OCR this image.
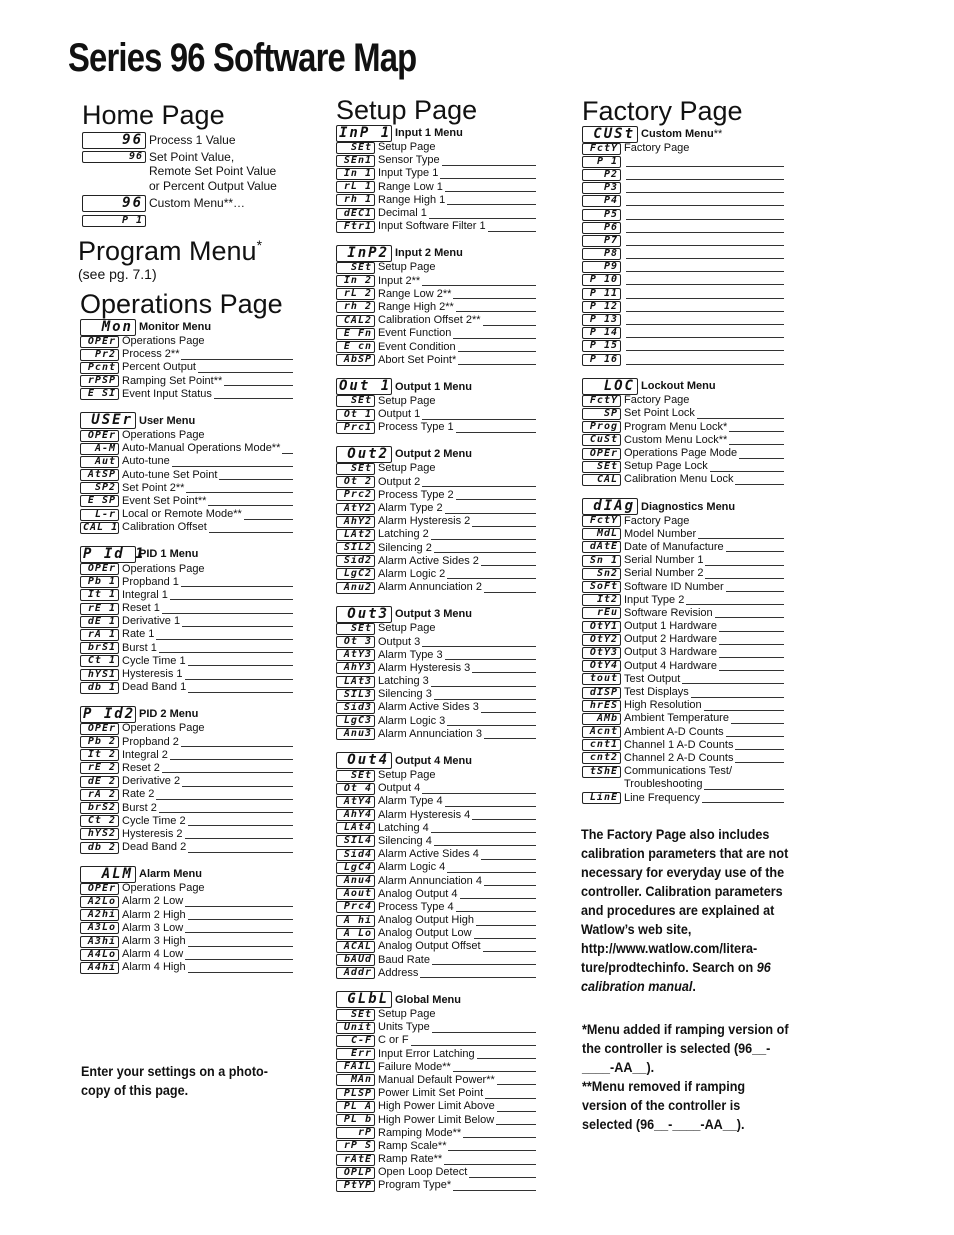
Series 96 Software Map
Home Page
96 Process 1 Value
96 Set Point Value,
Remote Set Point Value
or Percent Output Value
96 Custom Menu**…
P 1
Program Menu*
(see pg. 7.1)
Operations Page
Mon Monitor Menu
OPEr Operations Page
Pr2 Process 2**
Pcnt Percent Output
rPSP Ramping Set Point**
E SI Event Input Status
USEr User Menu
OPEr Operations Page
A-M Auto-Manual Operations Mode**
Aut Auto-tune
AtSP Auto-tune Set Point
SP2 Set Point 2**
E SP Event Set Point**
L-r Local or Remote Mode**
CAL 1 Calibration Offset
P Id 1
PID 1 Menu
OPEr Operations Page
Pb 1 Propband 1
It 1 Integral 1
rE 1 Reset 1
dE 1 Derivative 1
rA 1 Rate 1
brS1 Burst 1
Ct 1 Cycle Time 1
hYS1 Hysteresis 1
db 1 Dead Band 1
P Id2 PID 2 Menu
OPEr Operations Page
Pb 2 Propband 2
It 2 Integral 2
rE 2 Reset 2
dE 2 Derivative 2
rA 2 Rate 2
brS2 Burst 2
Ct 2 Cycle Time 2
hYS2 Hysteresis 2
db 2 Dead Band 2
ALM Alarm Menu
OPEr Operations Page
A2Lo Alarm 2 Low
A2hi Alarm 2 High
A3Lo Alarm 3 Low
A3hi Alarm 3 High
A4Lo Alarm 4 Low
A4hi Alarm 4 High
Enter your settings on a photo-copy of this page.
Setup Page
InP 1 Input 1 Menu
SEt Setup Page
SEn1 Sensor Type
In 1 Input Type 1
rL 1 Range Low 1
rh 1 Range High 1
dEC1 Decimal 1
Ftr1 Input Software Filter 1
InP2 Input 2 Menu
SEt Setup Page
In 2 Input 2**
rL 2 Range Low 2**
rh 2 Range High 2**
CAL2 Calibration Offset 2**
E Fn Event Function
E cn Event Condition
AbSP Abort Set Point*
Out 1 Output 1 Menu
SEt Setup Page
Ot 1 Output 1
Prc1 Process Type 1
Out2 Output 2 Menu
SEt Setup Page
Ot 2 Output 2
Prc2 Process Type 2
AtY2 Alarm Type 2
AhY2 Alarm Hysteresis 2
LAt2 Latching 2
SIL2 Silencing 2
Sid2 Alarm Active Sides 2
LgC2 Alarm Logic 2
Anu2 Alarm Annunciation 2
Out3 Output 3 Menu
SEt Setup Page
Ot 3 Output 3
AtY3 Alarm Type 3
AhY3 Alarm Hysteresis 3
LAt3 Latching 3
SIL3 Silencing 3
Sid3 Alarm Active Sides 3
LgC3 Alarm Logic 3
Anu3 Alarm Annunciation 3
Out4 Output 4 Menu
SEt Setup Page
Ot 4 Output 4
AtY4 Alarm Type 4
AhY4 Alarm Hysteresis 4
LAt4 Latching 4
SIL4 Silencing 4
Sid4 Alarm Active Sides 4
LgC4 Alarm Logic 4
Anu4 Alarm Annunciation 4
Aout Analog Output 4
Prc4 Process Type 4
A hi Analog Output High
A Lo Analog Output Low
ACAL Analog Output Offset
bAUd Baud Rate
Addr Address
GLbL Global Menu
SEt Setup Page
Unit Units Type
C-F C or F
Err Input Error Latching
FAIL Failure Mode**
MAn Manual Default Power**
PLSP Power Limit Set Point
PL A High Power Limit Above
PL b High Power Limit Below
rP Ramping Mode**
rP S Ramp Scale**
rAtE Ramp Rate**
OPLP Open Loop Detect
PtYP Program Type*
Factory Page
CUSt Custom Menu **
FctY Factory Page
P 1
P2
P3
P4
P5
P6
P7
P8
P9
P 10
P 11
P 12
P 13
P 14
P 15
P 16
LOC Lockout Menu
FctY Factory Page
SP Set Point Lock
Prog Program Menu Lock*
CuSt Custom Menu Lock**
OPEr Operations Page Mode
SEt Setup Page Lock
CAL Calibration Menu Lock
dIAg Diagnostics Menu
FctY Factory Page
MdL Model Number
dAtE Date of Manufacture
Sn 1 Serial Number 1
Sn2 Serial Number 2
SoFt Software ID Number
It2 Input Type 2
rEu Software Revision
OtY1 Output 1 Hardware
OtY2 Output 2 Hardware
OtY3 Output 3 Hardware
OtY4 Output 4 Hardware
tout Test Output
dISP Test Displays
hrES High Resolution
AMb Ambient Temperature
Acnt Ambient A-D Counts
cnt1 Channel 1 A-D Counts
cnt2 Channel 2 A-D Counts
tShE Communications Test/
Troubleshooting
LinE Line Frequency
The Factory Page also includes calibration parameters that are not necessary for everyday use of the controller. Calibration parameters and procedures are explained at Watlow’s web site, http://www.watlow.com/litera-ture/prodtechinfo. Search on 96 calibration manual.
*Menu added if ramping version of the controller is selected (96__-____-AA__).
**Menu removed if ramping version of the controller is selected (96__-____-AA__).
